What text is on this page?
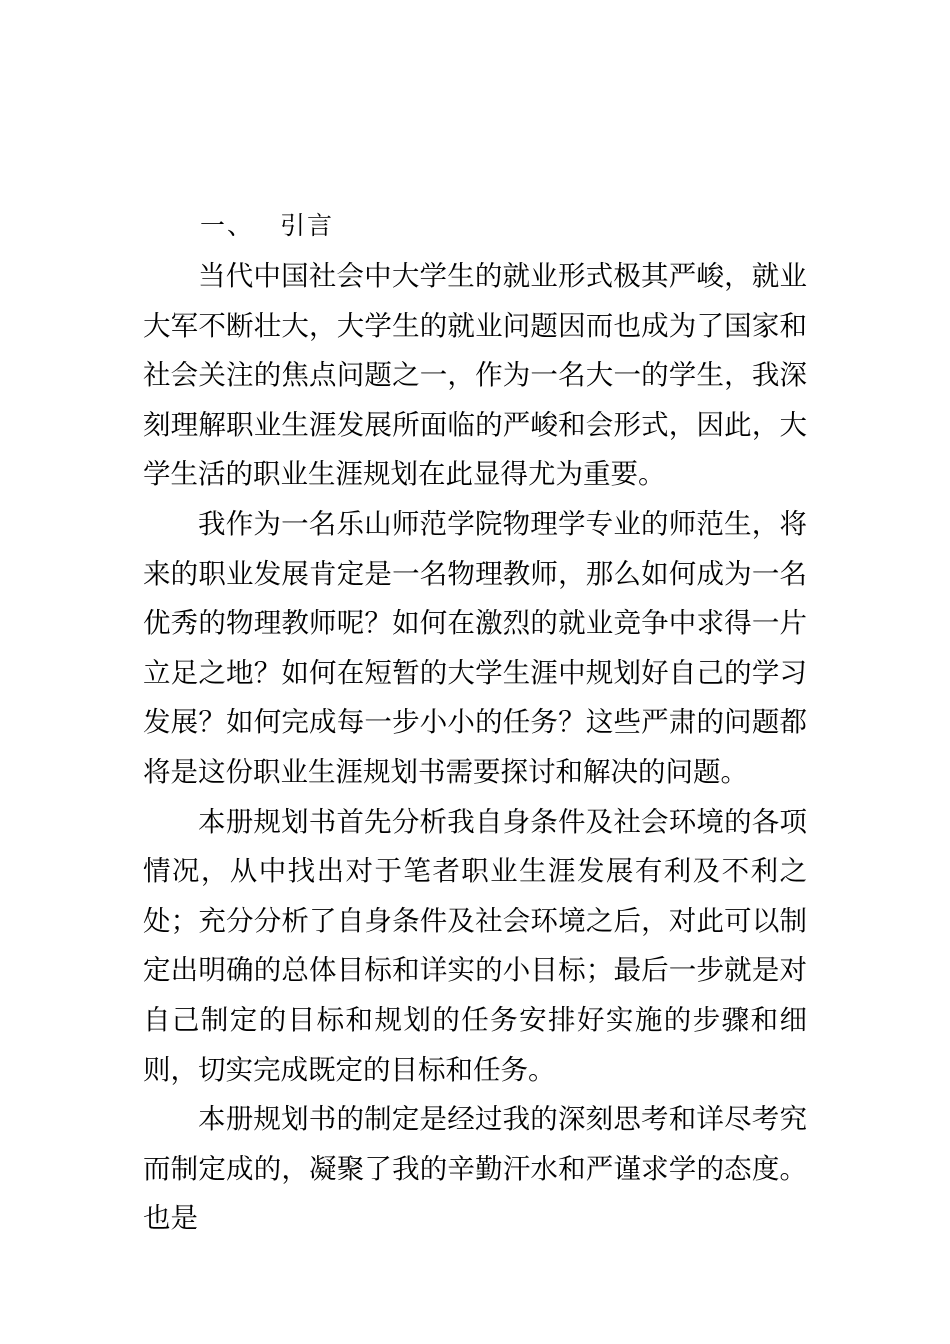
一、 引言

当代中国社会中大学生的就业形式极其严峻，就业大军不断壮大，大学生的就业问题因而也成为了国家和社会关注的焦点问题之一，作为一名大一的学生，我深刻理解职业生涯发展所面临的严峻和会形式，因此，大学生活的职业生涯规划在此显得尤为重要。

我作为一名乐山师范学院物理学专业的师范生，将来的职业发展肯定是一名物理教师，那么如何成为一名优秀的物理教师呢？如何在激烈的就业竞争中求得一片立足之地？如何在短暂的大学生涯中规划好自己的学习发展？如何完成每一步小小的任务？这些严肃的问题都将是这份职业生涯规划书需要探讨和解决的问题。

本册规划书首先分析我自身条件及社会环境的各项情况，从中找出对于笔者职业生涯发展有利及不利之处；充分分析了自身条件及社会环境之后，对此可以制定出明确的总体目标和详实的小目标；最后一步就是对自己制定的目标和规划的任务安排好实施的步骤和细则，切实完成既定的目标和任务。

本册规划书的制定是经过我的深刻思考和详尽考究而制定成的，凝聚了我的辛勤汗水和严谨求学的态度。也是
